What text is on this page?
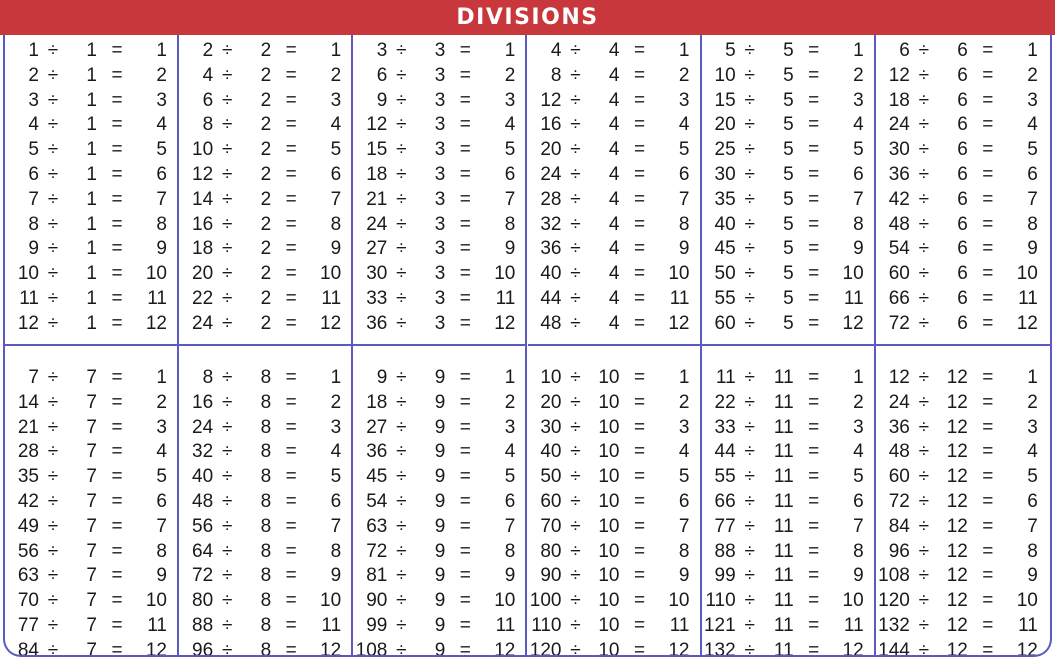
DIVISIONS
1 ÷	1 =	1
2 ÷	1 =	2
3 ÷	1 =	3
4 ÷	1 =	4
5 ÷	1 =	5
6 ÷	1 =	6
7 ÷	1 =	7
8 ÷	1 =	8
9 ÷	1 =	9
10 ÷	1 =	10
11 ÷	1 =	11
12 ÷	1 =	12
2 ÷	2 =	1
4 ÷	2 =	2
6 ÷	2 =	3
8 ÷	2 =	4
10 ÷	2 =	5
12 ÷	2 =	6
14 ÷	2 =	7
16 ÷	2 =	8
18 ÷	2 =	9
20 ÷	2 =	10
22 ÷	2 =	11
24 ÷	2 =	12
3 ÷	3 =	1
6 ÷	3 =	2
9 ÷	3 =	3
12 ÷	3 =	4
15 ÷	3 =	5
18 ÷	3 =	6
21 ÷	3 =	7
24 ÷	3 =	8
27 ÷	3 =	9
30 ÷	3 =	10
33 ÷	3 =	11
36 ÷	3 =	12
4 ÷	4 =	1
8 ÷	4 =	2
12 ÷	4 =	3
16 ÷	4 =	4
20 ÷	4 =	5
24 ÷	4 =	6
28 ÷	4 =	7
32 ÷	4 =	8
36 ÷	4 =	9
40 ÷	4 =	10
44 ÷	4 =	11
48 ÷	4 =	12
5 ÷	5 =	1
10 ÷	5 =	2
15 ÷	5 =	3
20 ÷	5 =	4
25 ÷	5 =	5
30 ÷	5 =	6
35 ÷	5 =	7
40 ÷	5 =	8
45 ÷	5 =	9
50 ÷	5 =	10
55 ÷	5 =	11
60 ÷	5 =	12
6 ÷	6 =	1
12 ÷	6 =	2
18 ÷	6 =	3
24 ÷	6 =	4
30 ÷	6 =	5
36 ÷	6 =	6
42 ÷	6 =	7
48 ÷	6 =	8
54 ÷	6 =	9
60 ÷	6 =	10
66 ÷	6 =	11
72 ÷	6 =	12
7 ÷	7 =	1
14 ÷	7 =	2
21 ÷	7 =	3
28 ÷	7 =	4
35 ÷	7 =	5
42 ÷	7 =	6
49 ÷	7 =	7
56 ÷	7 =	8
63 ÷	7 =	9
70 ÷	7 =	10
77 ÷	7 =	11
84 ÷	7 =	12
8 ÷	8 =	1
16 ÷	8 =	2
24 ÷	8 =	3
32 ÷	8 =	4
40 ÷	8 =	5
48 ÷	8 =	6
56 ÷	8 =	7
64 ÷	8 =	8
72 ÷	8 =	9
80 ÷	8 =	10
88 ÷	8 =	11
96 ÷	8 =	12
9 ÷	9 =	1
18 ÷	9 =	2
27 ÷	9 =	3
36 ÷	9 =	4
45 ÷	9 =	5
54 ÷	9 =	6
63 ÷	9 =	7
72 ÷	9 =	8
81 ÷	9 =	9
90 ÷	9 =	10
99 ÷	9 =	11
108 ÷	9 =	12
10 ÷ 10 =	1
20 ÷ 10 =	2
30 ÷ 10 =	3
40 ÷ 10 =	4
50 ÷ 10 =	5
60 ÷ 10 =	6
70 ÷ 10 =	7
80 ÷ 10 =	8
90 ÷ 10 =	9
100 ÷ 10 =	10
110 ÷ 10 =	11
120 ÷ 10 =	12
11 ÷	11 =	1
22 ÷	11 =	2
33 ÷	11 =	3
44 ÷	11 =	4
55 ÷	11 =	5
66 ÷	11 =	6
77 ÷	11 =	7
88 ÷	11 =	8
99 ÷	11 =	9
110 ÷	11 =	10
121 ÷	11 =	11
132 ÷	11 =	12
12 ÷ 12 =	1
24 ÷ 12 =	2
36 ÷ 12 =	3
48 ÷ 12 =	4
60 ÷ 12 =	5
72 ÷ 12 =	6
84 ÷ 12 =	7
96 ÷ 12 =	8
108 ÷ 12 =	9
120 ÷ 12 =	10
132 ÷ 12 =	11
144 ÷ 12 =	12
